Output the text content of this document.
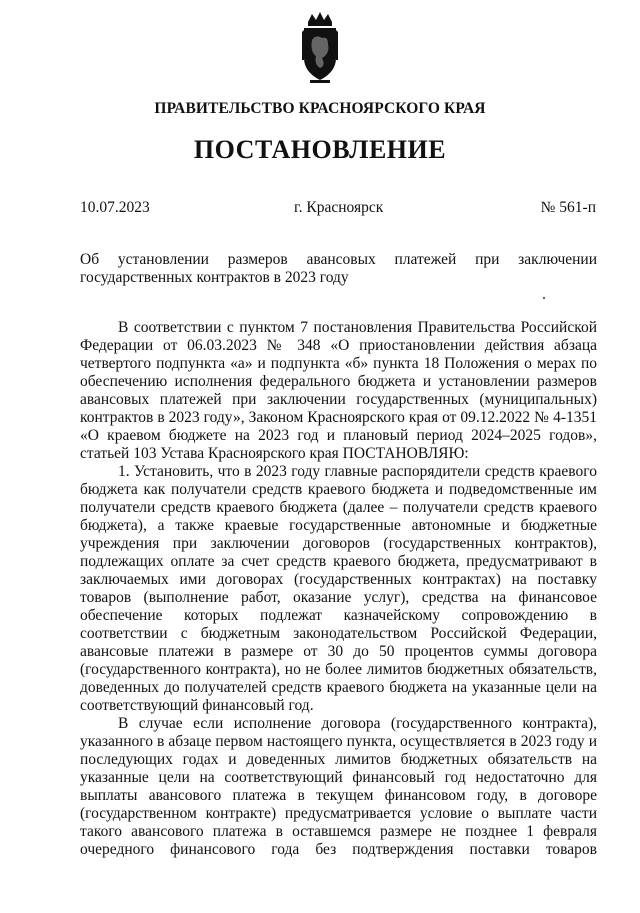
ПРАВИТЕЛЬСТВО КРАСНОЯРСКОГО КРАЯ
ПОСТАНОВЛЕНИЕ
10.07.2023	г. Красноярск	№ 561-п
Об установлении размеров авансовых платежей при заключении государственных контрактов в 2023 году

В соответствии с пунктом 7 постановления Правительства Российской Федерации от 06.03.2023 № 348 «О приостановлении действия абзаца четвертого подпункта «а» и подпункта «б» пункта 18 Положения о мерах по обеспечению исполнения федерального бюджета и установлении размеров авансовых платежей при заключении государственных (муниципальных) контрактов в 2023 году», Законом Красноярского края от 09.12.2022 № 4-1351 «О краевом бюджете на 2023 год и плановый период 2024–2025 годов», статьей 103 Устава Красноярского края ПОСТАНОВЛЯЮ:

1. Установить, что в 2023 году главные распорядители средств краевого бюджета как получатели средств краевого бюджета и подведомственные им получатели средств краевого бюджета (далее – получатели средств краевого бюджета), а также краевые государственные автономные и бюджетные учреждения при заключении договоров (государственных контрактов), подлежащих оплате за счет средств краевого бюджета, предусматривают в заключаемых ими договорах (государственных контрактах) на поставку товаров (выполнение работ, оказание услуг), средства на финансовое обеспечение которых подлежат казначейскому сопровождению в соответствии с бюджетным законодательством Российской Федерации, авансовые платежи в размере от 30 до 50 процентов суммы договора (государственного контракта), но не более лимитов бюджетных обязательств, доведенных до получателей средств краевого бюджета на указанные цели на соответствующий финансовый год.

В случае если исполнение договора (государственного контракта), указанного в абзаце первом настоящего пункта, осуществляется в 2023 году и последующих годах и доведенных лимитов бюджетных обязательств на указанные цели на соответствующий финансовый год недостаточно для выплаты авансового платежа в текущем финансовом году, в договоре (государственном контракте) предусматривается условие о выплате части такого авансового платежа в оставшемся размере не позднее 1 февраля очередного финансового года без подтверждения поставки товаров
